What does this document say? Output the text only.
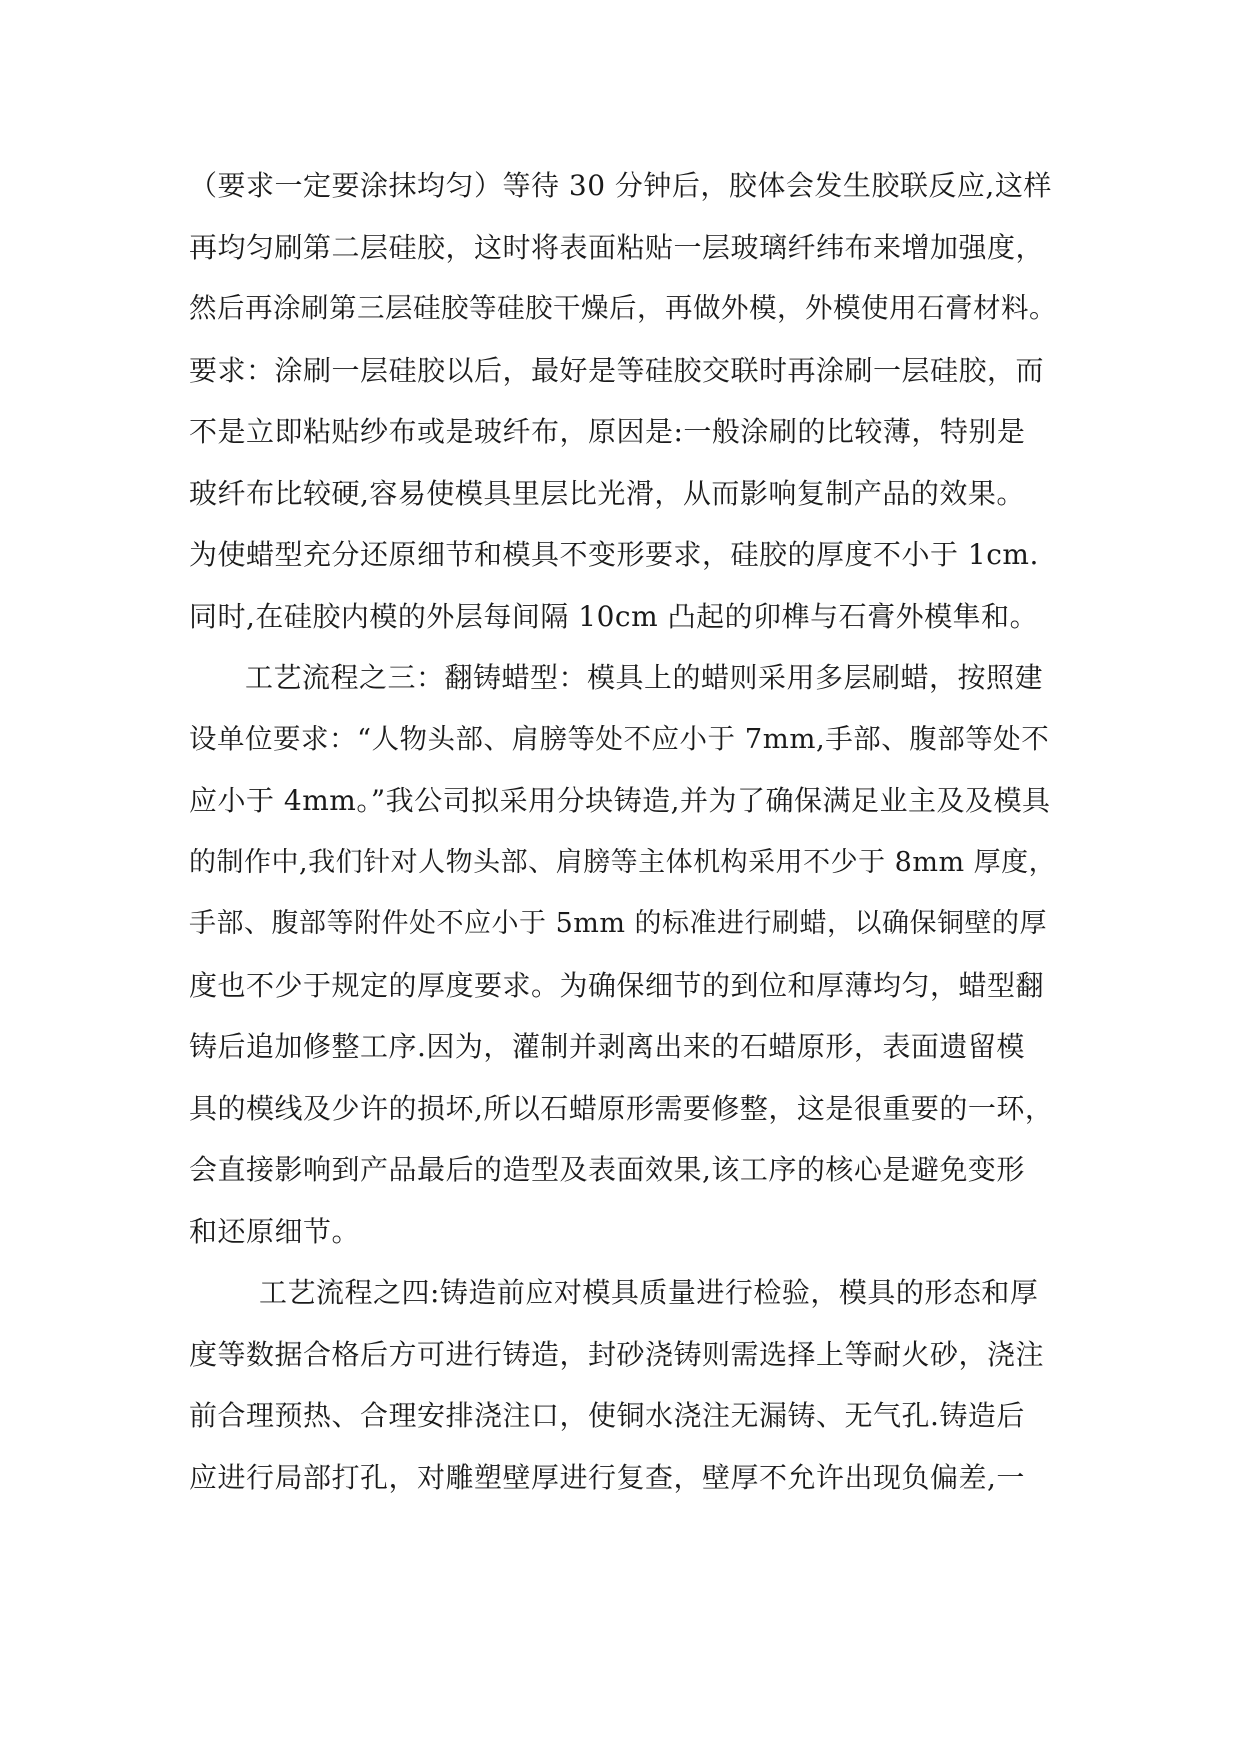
（要求一定要涂抹均匀）等待 30 分钟后，胶体会发生胶联反应,这样
再均匀刷第二层硅胶，这时将表面粘贴一层玻璃纤纬布来增加强度，
然后再涂刷第三层硅胶等硅胶干燥后，再做外模，外模使用石膏材料。
要求：涂刷一层硅胶以后，最好是等硅胶交联时再涂刷一层硅胶，而
不是立即粘贴纱布或是玻纤布，原因是:一般涂刷的比较薄，特别是
玻纤布比较硬,容易使模具里层比光滑，从而影响复制产品的效果。
为使蜡型充分还原细节和模具不变形要求，硅胶的厚度不小于 1cm.
同时,在硅胶内模的外层每间隔 10cm 凸起的卯榫与石膏外模隼和。
工艺流程之三：翻铸蜡型：模具上的蜡则采用多层刷蜡，按照建
设单位要求：“人物头部、肩膀等处不应小于 7mm,手部、腹部等处不
应小于 4mm。”我公司拟采用分块铸造,并为了确保满足业主及及模具
的制作中,我们针对人物头部、肩膀等主体机构采用不少于 8mm 厚度，
手部、腹部等附件处不应小于 5mm 的标准进行刷蜡，以确保铜壁的厚
度也不少于规定的厚度要求。为确保细节的到位和厚薄均匀，蜡型翻
铸后追加修整工序.因为，灌制并剥离出来的石蜡原形，表面遗留模
具的模线及少许的损坏,所以石蜡原形需要修整，这是很重要的一环，
会直接影响到产品最后的造型及表面效果,该工序的核心是避免变形
和还原细节。
工艺流程之四:铸造前应对模具质量进行检验，模具的形态和厚
度等数据合格后方可进行铸造，封砂浇铸则需选择上等耐火砂，浇注
前合理预热、合理安排浇注口，使铜水浇注无漏铸、无气孔.铸造后
应进行局部打孔，对雕塑壁厚进行复查，壁厚不允许出现负偏差,一
